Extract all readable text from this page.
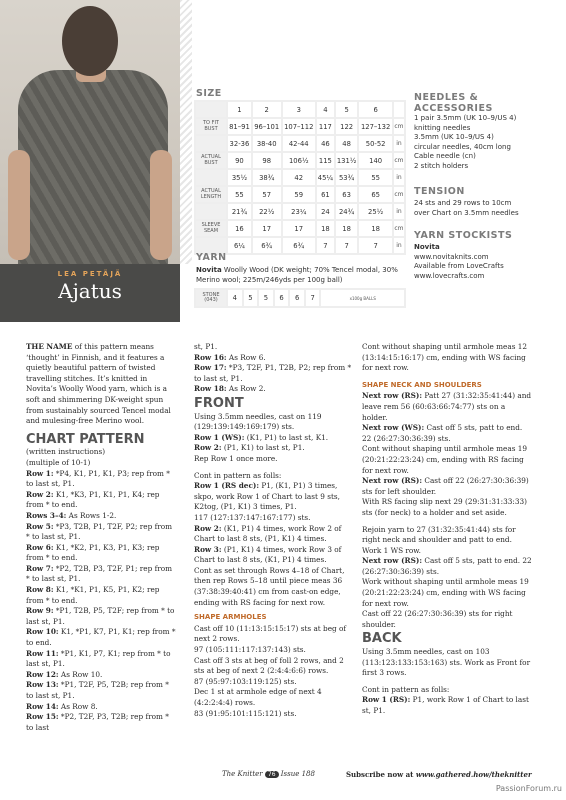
LEA PETÄJÄ
Ajatus
SIZE
	1	2	3	4	5	6	
TO FIT BUST	81–91	96–101	107–112	117	122	127–132	cm
	32-36	38-40	42-44	46	48	50-52	in
ACTUAL BUST	90	98	106½	115	131½	140	cm
	35½	38¾	42	45¼	53¾	55	in
ACTUAL LENGTH	55	57	59	61	63	65	cm
	21¾	22½	23¼	24	24¾	25½	in
SLEEVE SEAM	16	17	17	18	18	18	cm
	6¼	6¾	6¾	7	7	7	in
YARN
Novita Woolly Wood (DK weight; 70% Tencel modal, 30% Merino wool; 225m/246yds per 100g ball)
STONE (043)	4	5	5	6	6	7	x100g BALLS
NEEDLES & ACCESSORIES
1 pair 3.5mm (UK 10–9/US 4)
knitting needles
3.5mm (UK 10–9/US 4)
circular needles, 40cm long
Cable needle (cn)
2 stitch holders
TENSION
24 sts and 29 rows to 10cm
over Chart on 3.5mm needles
YARN STOCKISTS
Novita
www.novitaknits.com
Available from LoveCrafts
www.lovecrafts.com

THE NAME of this pattern means ‘thought’ in Finnish, and it features a quietly beautiful pattern of twisted travelling stitches. It’s knitted in Novita’s Woolly Wood yarn, which is a soft and shimmering DK-weight spun from sustainably sourced Tencel modal and mulesing-free Merino wool.

CHART PATTERN

(written instructions)

(multiple of 10-1)

Row 1: *P4, K1, P1, K1, P3; rep from * to last st, P1.

Row 2: K1, *K3, P1, K1, P1, K4; rep from * to end.

Rows 3–4: As Rows 1-2.

Row 5: *P3, T2B, P1, T2F, P2; rep from * to last st, P1.

Row 6: K1, *K2, P1, K3, P1, K3; rep from * to end.

Row 7: *P2, T2B, P3, T2F, P1; rep from * to last st, P1.

Row 8: K1, *K1, P1, K5, P1, K2; rep from * to end.

Row 9: *P1, T2B, P5, T2F; rep from * to last st, P1.

Row 10: K1, *P1, K7, P1, K1; rep from * to end.

Row 11: *P1, K1, P7, K1; rep from * to last st, P1.

Row 12: As Row 10.

Row 13: *P1, T2F, P5, T2B; rep from * to last st, P1.

Row 14: As Row 8.

Row 15: *P2, T2F, P3, T2B; rep from * to last

st, P1.

Row 16: As Row 6.

Row 17: *P3, T2F, P1, T2B, P2; rep from * to last st, P1.

Row 18: As Row 2.

FRONT

Using 3.5mm needles, cast on 119 (129:139:149:169:179) sts.

Row 1 (WS): (K1, P1) to last st, K1.

Row 2: (P1, K1) to last st, P1.

Rep Row 1 once more.

Cont in pattern as folls:

Row 1 (RS dec): P1, (K1, P1) 3 times, skpo, work Row 1 of Chart to last 9 sts, K2tog, (P1, K1) 3 times, P1.

117 (127:137:147:167:177) sts.

Row 2: (K1, P1) 4 times, work Row 2 of Chart to last 8 sts, (P1, K1) 4 times.

Row 3: (P1, K1) 4 times, work Row 3 of Chart to last 8 sts, (K1, P1) 4 times.

Cont as set through Rows 4–18 of Chart, then rep Rows 5–18 until piece meas 36 (37:38:39:40:41) cm from cast-on edge, ending with RS facing for next row.

SHAPE ARMHOLES

Cast off 10 (11:13:15:15:17) sts at beg of next 2 rows.

97 (105:111:117:137:143) sts.

Cast off 3 sts at beg of foll 2 rows, and 2 sts at beg of next 2 (2:4:4:6:6) rows.

87 (95:97:103:119:125) sts.

Dec 1 st at armhole edge of next 4 (4:2:2:4:4) rows.

83 (91:95:101:115:121) sts.

Cont without shaping until armhole meas 12 (13:14:15:16:17) cm, ending with WS facing for next row.

SHAPE NECK AND SHOULDERS

Next row (RS): Patt 27 (31:32:35:41:44) and leave rem 56 (60:63:66:74:77) sts on a holder.

Next row (WS): Cast off 5 sts, patt to end. 22 (26:27:30:36:39) sts.

Cont without shaping until armhole meas 19 (20:21:22:23:24) cm, ending with RS facing for next row.

Next row (RS): Cast off 22 (26:27:30:36:39) sts for left shoulder.

With RS facing slip next 29 (29:31:31:33:33) sts (for neck) to a holder and set aside.

Rejoin yarn to 27 (31:32:35:41:44) sts for right neck and shoulder and patt to end. Work 1 WS row.

Next row (RS): Cast off 5 sts, patt to end. 22 (26:27:30:36:39) sts.

Work without shaping until armhole meas 19 (20:21:22:23:24) cm, ending with WS facing for next row.

Cast off 22 (26:27:30:36:39) sts for right shoulder.

BACK

Using 3.5mm needles, cast on 103 (113:123:133:153:163) sts. Work as Front for first 3 rows.

Cont in pattern as folls:

Row 1 (RS): P1, work Row 1 of Chart to last st, P1.

The Knitter 76 Issue 188	Subscribe now at www.gathered.how/theknitter
PassionForum.ru
